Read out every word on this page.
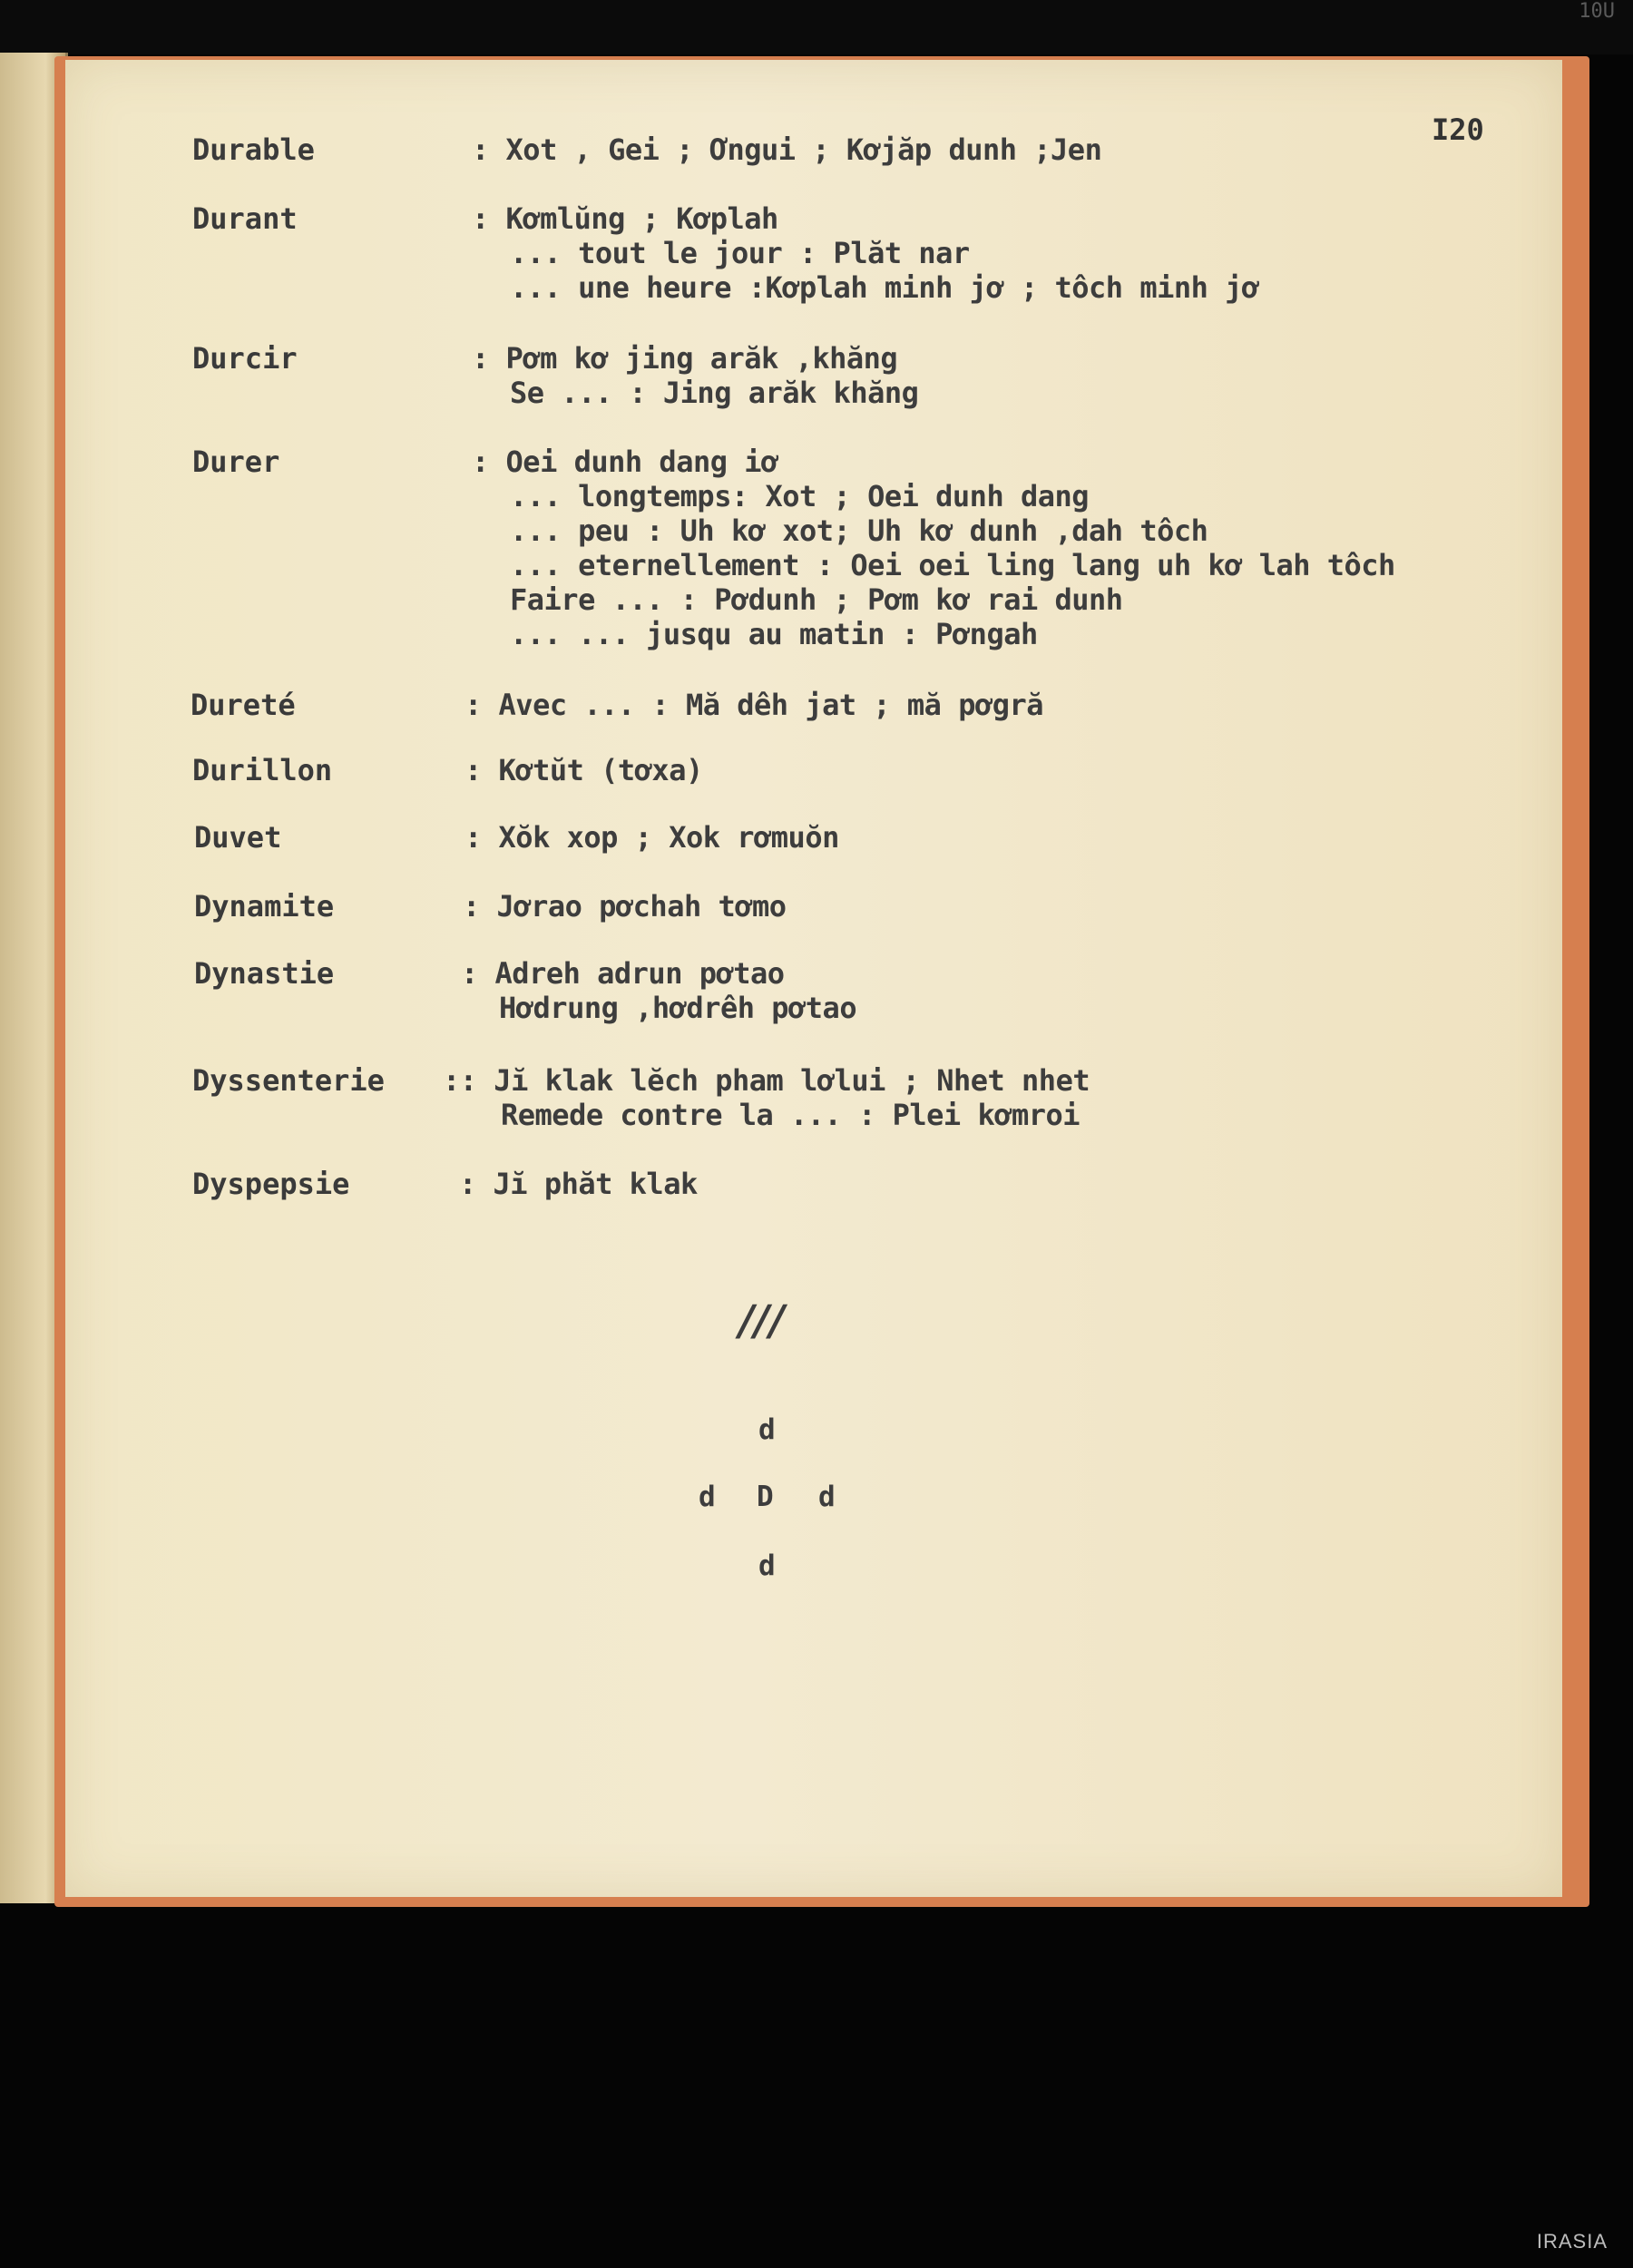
10U
I20
Durable	: Xot , Gei ; Ơngui ; Kơjăp dunh ;Jen
Durant	: Kơmlŭng ; Kơplah
... tout le jour : Plăt nar
... une heure :Kơplah minh jơ ; tôch minh jơ
Durcir	: Pơm kơ jing arăk ,khăng
Se ... : Jing arăk khăng
Durer	: Oei dunh dang iơ
... longtemps: Xot ; Oei dunh dang
... peu : Uh kơ xot; Uh kơ dunh ,dah tôch
... eternellement : Oei oei ling lang uh kơ lah tôch
Faire ... : Pơdunh ; Pơm kơ rai dunh
... ... jusqu au matin : Pơngah
Dureté	: Avec ... : Mă dêh jat ; mă pơgră
Durillon	: Kơtŭt (tơxa)
Duvet	: Xŏk xop ; Xok rơmuŏn
Dynamite	: Jơrao pơchah tơmo
Dynastie	: Adreh adrun pơtao
Hơdrung ,hơdrêh pơtao
Dyssenterie	:: Jĭ klak lĕch pham lơlui ; Nhet nhet
Remede contre la ... : Plei kơmroi
Dyspepsie	: Jĭ phăt klak
///
d
d D d
d
IRASIA
